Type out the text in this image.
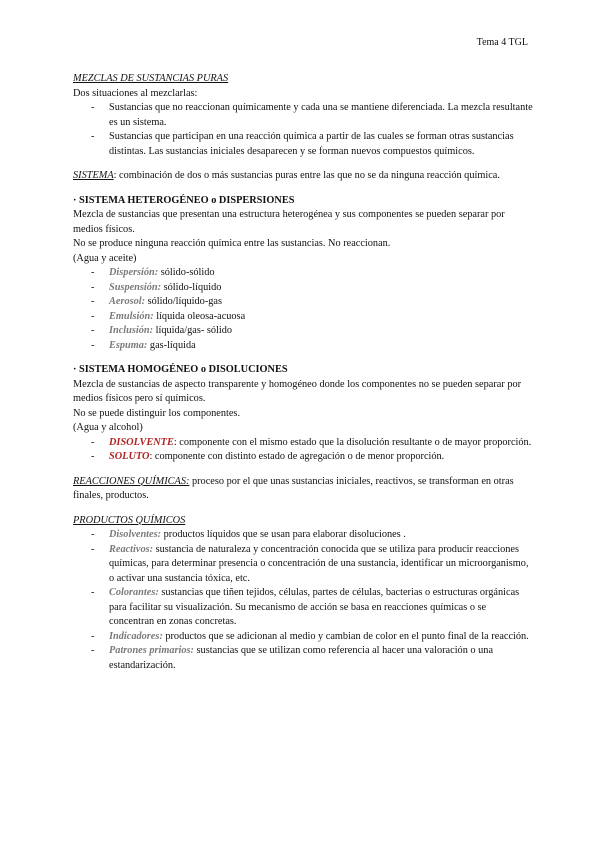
Tema 4 TGL

MEZCLAS DE SUSTANCIAS PURAS

Dos situaciones al mezclarlas:

- Sustancias que no reaccionan químicamente y cada una se mantiene diferenciada. La mezcla resultante es un sistema.
- Sustancias que participan en una reacción química a partir de las cuales se forman otras sustancias distintas. Las sustancias iniciales desaparecen y se forman nuevos compuestos químicos.

SISTEMA: combinación de dos o más sustancias puras entre las que no se da ninguna reacción química.

· SISTEMA HETEROGÉNEO o DISPERSIONES

Mezcla de sustancias que presentan una estructura heterogénea y sus componentes se pueden separar por medios físicos.

No se produce ninguna reacción química entre las sustancias. No reaccionan.

(Agua y aceite)

- Dispersión: sólido-sólido
- Suspensión: sólido-líquido
- Aerosol: sólido/líquido-gas
- Emulsión: líquida oleosa-acuosa
- Inclusión: líquida/gas- sólido
- Espuma: gas-líquida

· SISTEMA HOMOGÉNEO o DISOLUCIONES

Mezcla de sustancias de aspecto transparente y homogéneo donde los componentes no se pueden separar por medios físicos pero sí químicos.

No se puede distinguir los componentes.

(Agua y alcohol)

- DISOLVENTE: componente con el mismo estado que la disolución resultante o de mayor proporción.
- SOLUTO: componente con distinto estado de agregación o de menor proporción.

REACCIONES QUÍMICAS: proceso por el que unas sustancias iniciales, reactivos, se transforman en otras finales, productos.

PRODUCTOS QUÍMICOS

- Disolventes: productos líquidos que se usan para elaborar disoluciones .
- Reactivos: sustancia de naturaleza y concentración conocida que se utiliza para producir reacciones químicas, para determinar presencia o concentración de una sustancia, identificar un microorganismo, o activar una sustancia tóxica, etc.
- Colorantes: sustancias que tiñen tejidos, células, partes de células, bacterias o estructuras orgánicas para facilitar su visualización. Su mecanismo de acción se basa en reacciones químicas o se concentran en zonas concretas.
- Indicadores: productos que se adicionan al medio y cambian de color en el punto final de la reacción.
- Patrones primarios: sustancias que se utilizan como referencia al hacer una valoración o una estandarización.
